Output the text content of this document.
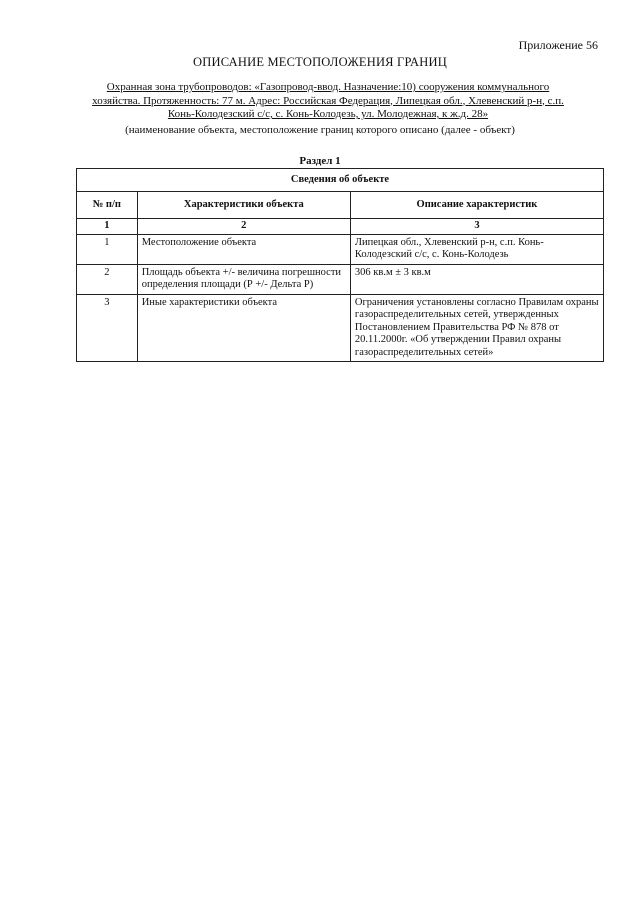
Приложение 56
ОПИСАНИЕ МЕСТОПОЛОЖЕНИЯ ГРАНИЦ
Охранная зона трубопроводов: «Газопровод-ввод. Назначение:10) сооружения коммунального
хозяйства. Протяженность: 77 м. Адрес: Российская Федерация, Липецкая обл., Хлевенский р-н, с.п.
Конь-Колодезский с/с, с. Конь-Колодезь, ул. Молодежная, к ж.д. 28»
(наименование объекта, местоположение границ которого описано (далее - объект)
Раздел 1
Сведения об объекте		
№ п/п	Характеристики объекта	Описание характеристик
1	2	3
1	Местоположение объекта	Липецкая обл., Хлевенский р-н, с.п. Конь-Колодезский с/с, с. Конь-Колодезь
2	Площадь объекта +/- величина погрешности определения площади (Р +/- Дельта Р)	306 кв.м ± 3 кв.м
3	Иные характеристики объекта	Ограничения установлены согласно Правилам охраны газораспределительных сетей, утвержденных Постановлением Правительства РФ № 878 от 20.11.2000г. «Об утверждении Правил охраны газораспределительных сетей»
